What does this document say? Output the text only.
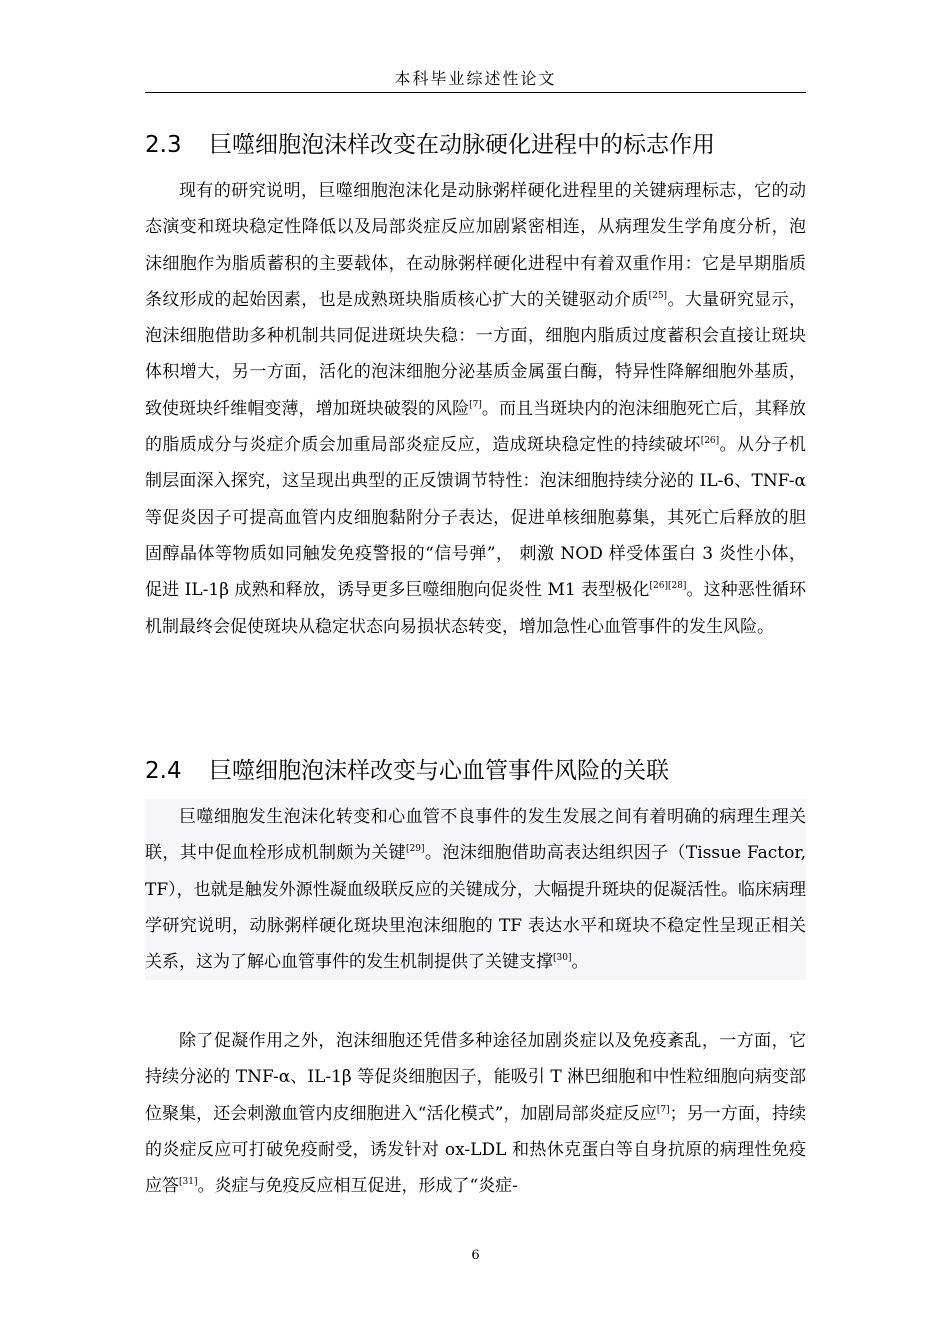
本科毕业综述性论文
2.3 巨噬细胞泡沫样改变在动脉硬化进程中的标志作用

现有的研究说明，巨噬细胞泡沫化是动脉粥样硬化进程里的关键病理标志，它的动态演变和斑块稳定性降低以及局部炎症反应加剧紧密相连，从病理发生学角度分析，泡沫细胞作为脂质蓄积的主要载体，在动脉粥样硬化进程中有着双重作用：它是早期脂质条纹形成的起始因素，也是成熟斑块脂质核心扩大的关键驱动介质[25]。大量研究显示，泡沫细胞借助多种机制共同促进斑块失稳：一方面，细胞内脂质过度蓄积会直接让斑块体积增大，另一方面，活化的泡沫细胞分泌基质金属蛋白酶，特异性降解细胞外基质，致使斑块纤维帽变薄，增加斑块破裂的风险[7]。而且当斑块内的泡沫细胞死亡后，其释放的脂质成分与炎症介质会加重局部炎症反应，造成斑块稳定性的持续破坏[26]。从分子机制层面深入探究，这呈现出典型的正反馈调节特性：泡沫细胞持续分泌的 IL-6、TNF-α 等促炎因子可提高血管内皮细胞黏附分子表达，促进单核细胞募集，其死亡后释放的胆固醇晶体等物质如同触发免疫警报的“信号弹”， 刺激 NOD 样受体蛋白 3 炎性小体， 促进 IL-1β 成熟和释放，诱导更多巨噬细胞向促炎性 M1 表型极化[26][28]。这种恶性循环机制最终会促使斑块从稳定状态向易损状态转变，增加急性心血管事件的发生风险。

2.4 巨噬细胞泡沫样改变与心血管事件风险的关联

巨噬细胞发生泡沫化转变和心血管不良事件的发生发展之间有着明确的病理生理关联，其中促血栓形成机制颇为关键[29]。泡沫细胞借助高表达组织因子（Tissue Factor, TF），也就是触发外源性凝血级联反应的关键成分，大幅提升斑块的促凝活性。临床病理学研究说明，动脉粥样硬化斑块里泡沫细胞的 TF 表达水平和斑块不稳定性呈现正相关关系，这为了解心血管事件的发生机制提供了关键支撑[30]。

除了促凝作用之外，泡沫细胞还凭借多种途径加剧炎症以及免疫紊乱，一方面，它持续分泌的 TNF-α、IL-1β 等促炎细胞因子，能吸引 T 淋巴细胞和中性粒细胞向病变部位聚集，还会刺激血管内皮细胞进入“活化模式”，加剧局部炎症反应[7]；另一方面，持续的炎症反应可打破免疫耐受，诱发针对 ox-LDL 和热休克蛋白等自身抗原的病理性免疫应答[31]。炎症与免疫反应相互促进，形成了“炎症-

6
